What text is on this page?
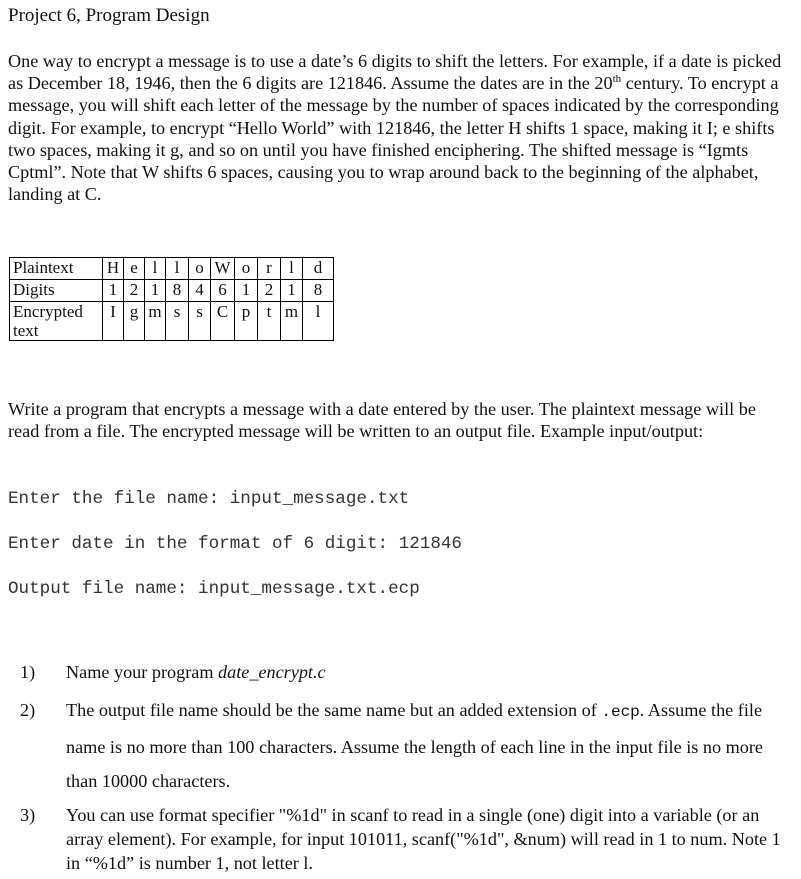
Project 6, Program Design
One way to encrypt a message is to use a date’s 6 digits to shift the letters. For example, if a date is picked as December 18, 1946, then the 6 digits are 121846. Assume the dates are in the 20th century. To encrypt a message, you will shift each letter of the message by the number of spaces indicated by the corresponding digit. For example, to encrypt “Hello World” with 121846, the letter H shifts 1 space, making it I; e shifts two spaces, making it g, and so on until you have finished enciphering. The shifted message is “Igmts Cptml”. Note that W shifts 6 spaces, causing you to wrap around back to the beginning of the alphabet, landing at C.
Plaintext	H	e	l	l	o	W	o	r	l	d
Digits	1	2	1	8	4	6	1	2	1	8
Encrypted
text	I	g	m	s	s	C	p	t	m	l
Write a program that encrypts a message with a date entered by the user. The plaintext message will be read from a file. The encrypted message will be written to an output file. Example input/output:
Enter the file name: input_message.txt
Enter date in the format of 6 digit: 121846
Output file name: input_message.txt.ecp
1) Name your program date_encrypt.c
2) The output file name should be the same name but an added extension of .ecp. Assume the file name is no more than 100 characters. Assume the length of each line in the input file is no more than 10000 characters.
3) You can use format specifier "%1d" in scanf to read in a single (one) digit into a variable (or an array element). For example, for input 101011, scanf("%1d", &num) will read in 1 to num. Note 1 in “%1d” is number 1, not letter l.
